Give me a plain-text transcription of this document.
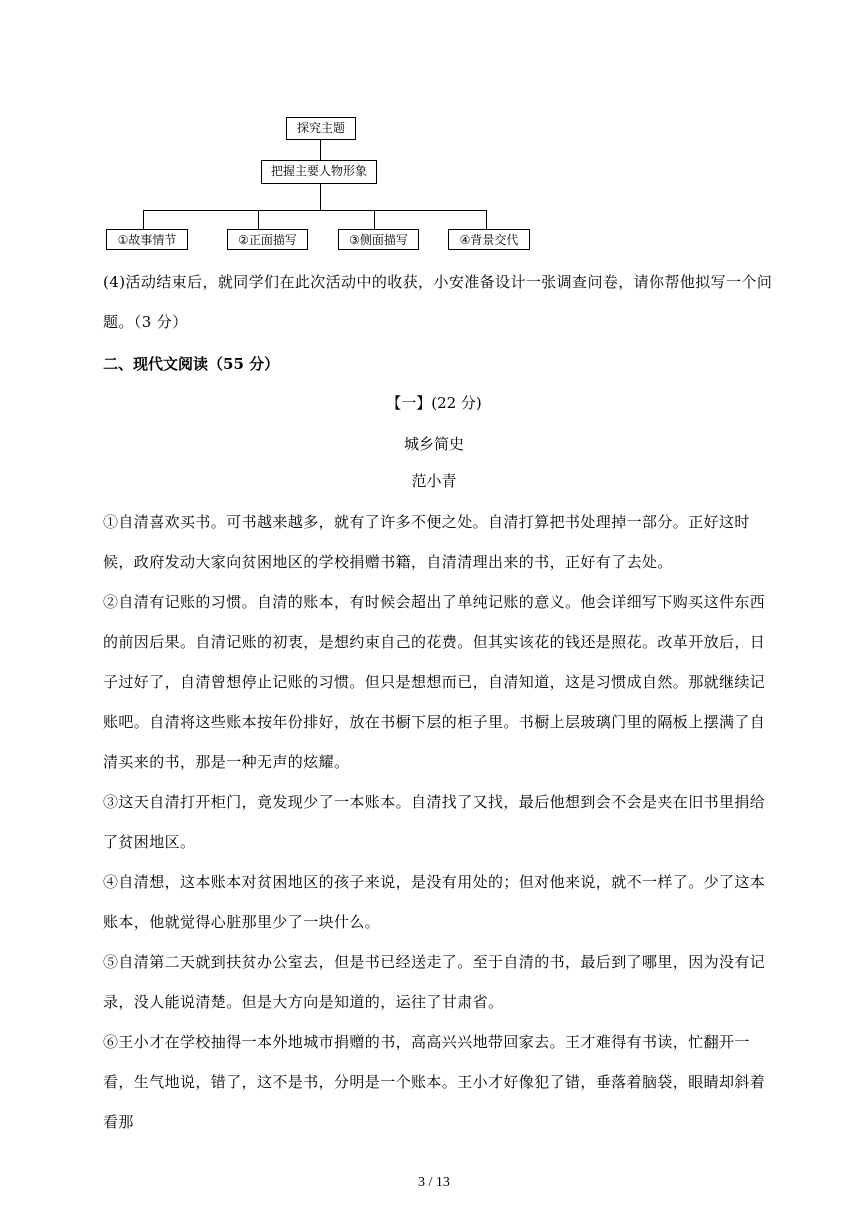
探究主题
把握主要人物形象
①故事情节	②正面描写	③侧面描写	④背景交代
(4)活动结束后，就同学们在此次活动中的收获，小安准备设计一张调查问卷，请你帮他拟写一个问题。（3 分）
二、现代文阅读（55 分）
【一】(22 分)
城乡简史
范小青
①自清喜欢买书。可书越来越多，就有了许多不便之处。自清打算把书处理掉一部分。正好这时候，政府发动大家向贫困地区的学校捐赠书籍，自清清理出来的书，正好有了去处。
②自清有记账的习惯。自清的账本，有时候会超出了单纯记账的意义。他会详细写下购买这件东西的前因后果。自清记账的初衷，是想约束自己的花费。但其实该花的钱还是照花。改革开放后，日子过好了，自清曾想停止记账的习惯。但只是想想而已，自清知道，这是习惯成自然。那就继续记账吧。自清将这些账本按年份排好，放在书橱下层的柜子里。书橱上层玻璃门里的隔板上摆满了自清买来的书，那是一种无声的炫耀。
③这天自清打开柜门，竟发现少了一本账本。自清找了又找，最后他想到会不会是夹在旧书里捐给了贫困地区。
④自清想，这本账本对贫困地区的孩子来说，是没有用处的；但对他来说，就不一样了。少了这本账本，他就觉得心脏那里少了一块什么。
⑤自清第二天就到扶贫办公室去，但是书已经送走了。至于自清的书，最后到了哪里，因为没有记录，没人能说清楚。但是大方向是知道的，运往了甘肃省。
⑥王小才在学校抽得一本外地城市捐赠的书，高高兴兴地带回家去。王才难得有书读，忙翻开一看，生气地说，错了，这不是书，分明是一个账本。王小才好像犯了错，垂落着脑袋，眼睛却斜着看那
3 / 13
